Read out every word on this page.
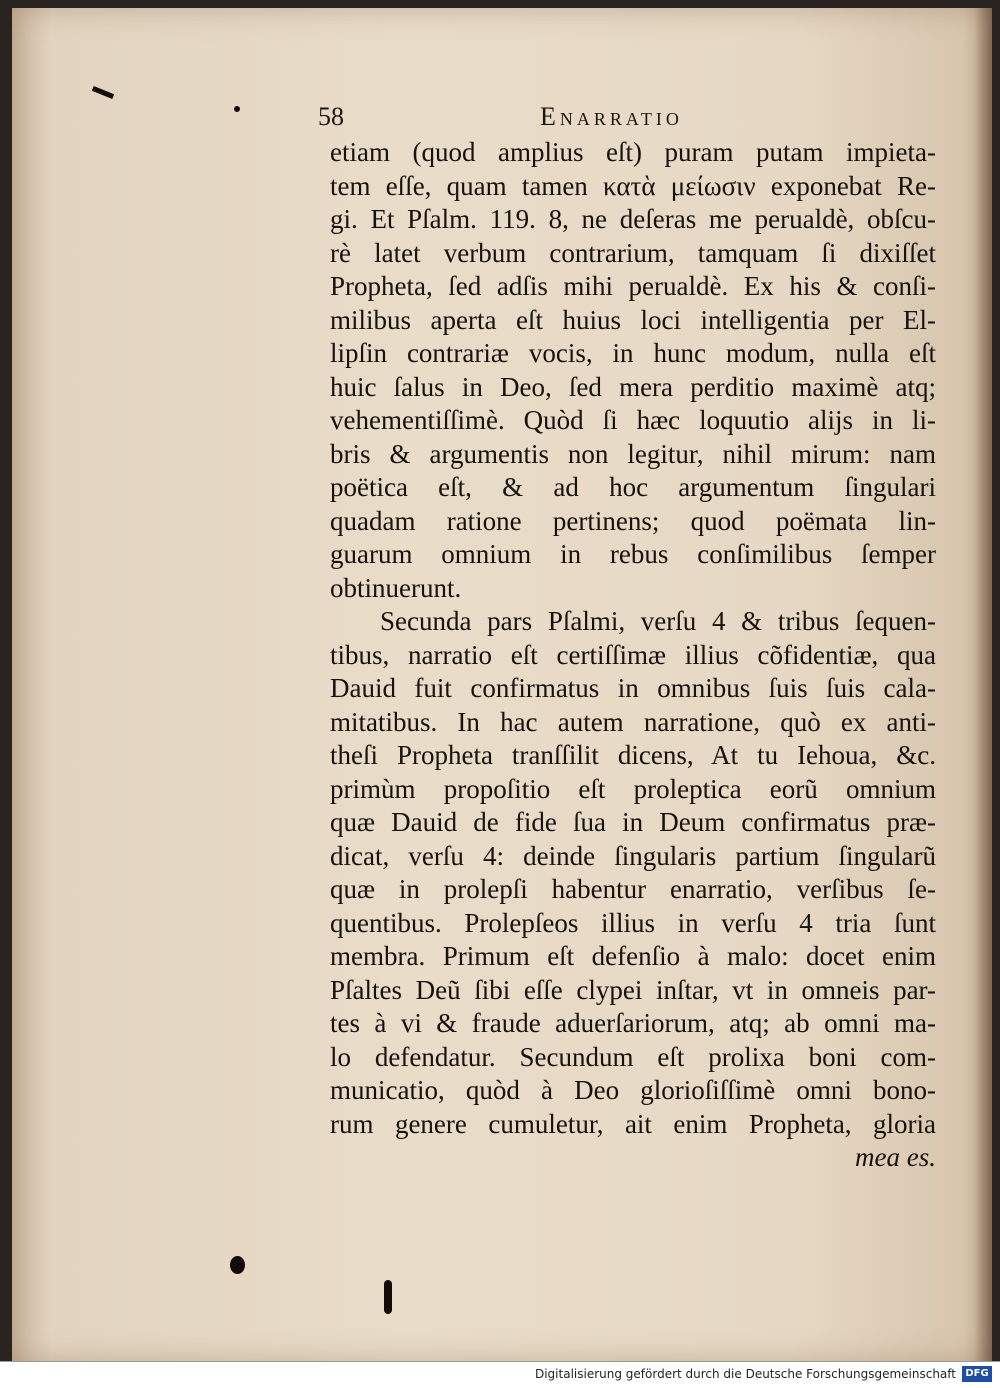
58	Enarratio
etiam (quod amplius eſt) puram putam impieta-
tem eſſe, quam tamen κατὰ μείωσιν exponebat Re-
gi. Et Pſalm. 119. 8, ne deſeras me perualdè, obſcu-
rè latet verbum contrarium, tamquam ſi dixiſſet
Propheta, ſed adſis mihi perualdè. Ex his & conſi-
milibus aperta eſt huius loci intelligentia per El-
lipſin contrariæ vocis, in hunc modum, nulla eſt
huic ſalus in Deo, ſed mera perditio maximè atq;
vehementiſſimè. Quòd ſi hæc loquutio alijs in li-
bris & argumentis non legitur, nihil mirum: nam
poëtica eſt, & ad hoc argumentum ſingulari
quadam ratione pertinens; quod poëmata lin-
guarum omnium in rebus conſimilibus ſemper
obtinuerunt.
Secunda pars Pſalmi, verſu 4 & tribus ſequen-
tibus, narratio eſt certiſſimæ illius cõfidentiæ, qua
Dauid fuit confirmatus in omnibus ſuis ſuis cala-
mitatibus. In hac autem narratione, quò ex anti-
theſi Propheta tranſſilit dicens, At tu Iehoua, &c.
primùm propoſitio eſt proleptica eorũ omnium
quæ Dauid de fide ſua in Deum confirmatus præ-
dicat, verſu 4: deinde ſingularis partium ſingularũ
quæ in prolepſi habentur enarratio, verſibus ſe-
quentibus. Prolepſeos illius in verſu 4 tria ſunt
membra. Primum eſt defenſio à malo: docet enim
Pſaltes Deũ ſibi eſſe clypei inſtar, vt in omneis par-
tes à vi & fraude aduerſariorum, atq; ab omni ma-
lo defendatur. Secundum eſt prolixa boni com-
municatio, quòd à Deo glorioſiſſimè omni bono-
rum genere cumuletur, ait enim Propheta, gloria
mea es.
Digitalisierung gefördert durch die Deutsche Forschungsgemeinschaft DFG
